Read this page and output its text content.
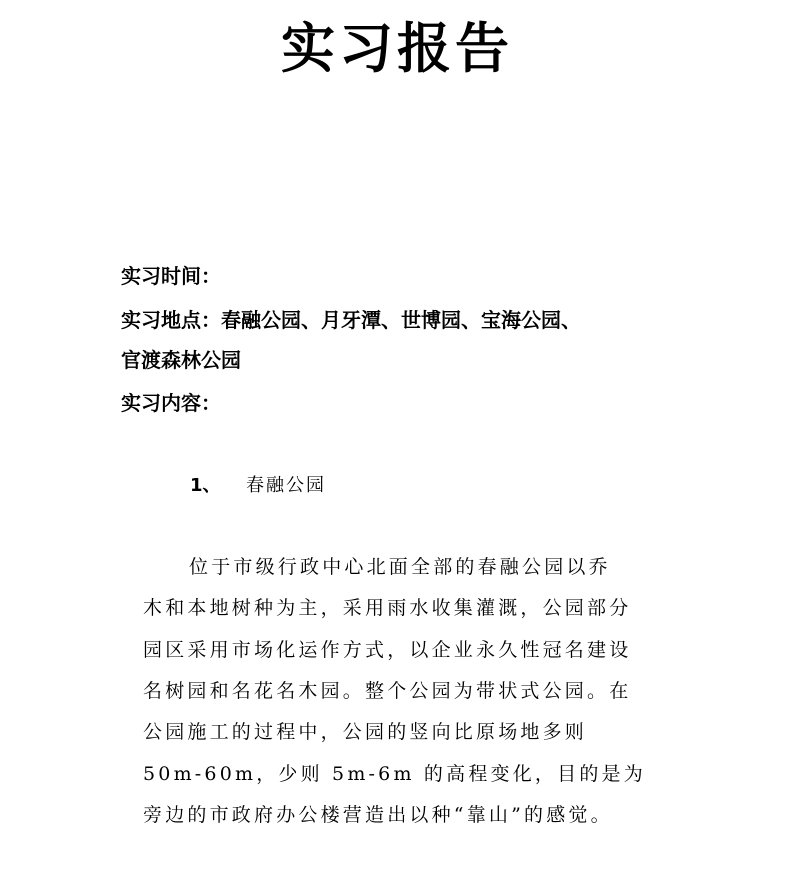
实习报告
实习时间：
实习地点：春融公园、月牙潭、世博园、宝海公园、
官渡森林公园
实习内容：
1、 春融公园
位于市级行政中心北面全部的春融公园以乔
木和本地树种为主，采用雨水收集灌溉，公园部分
园区采用市场化运作方式，以企业永久性冠名建设
名树园和名花名木园。整个公园为带状式公园。在
公园施工的过程中，公园的竖向比原场地多则
50m-60m，少则 5m-6m 的高程变化，目的是为
旁边的市政府办公楼营造出以种“靠山”的感觉。
